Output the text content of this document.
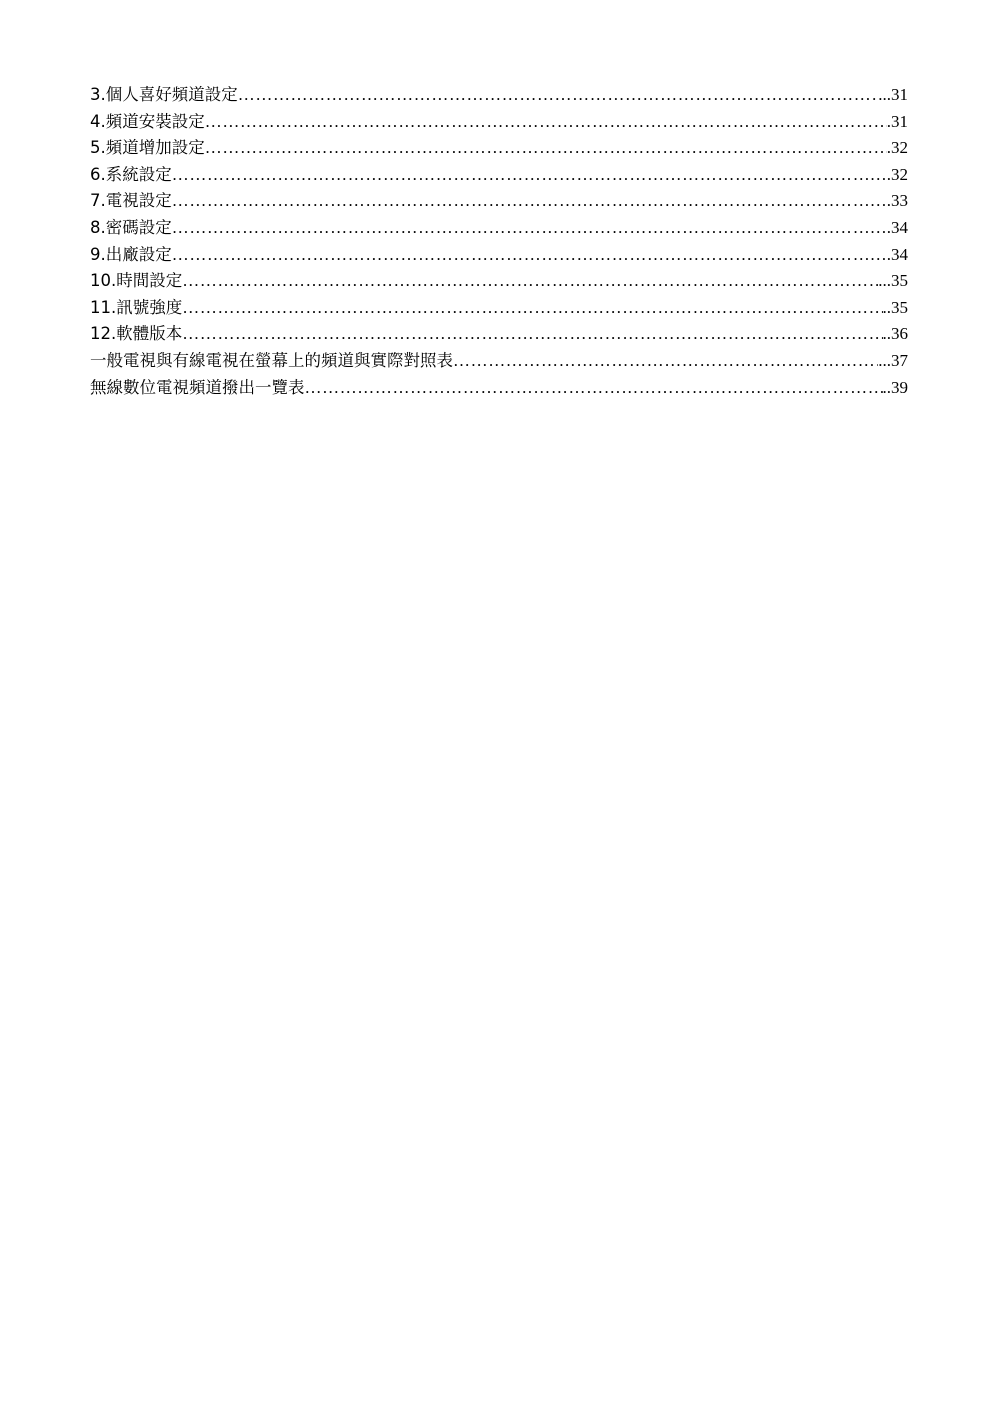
3.個人喜好頻道設定 ……………………………………………………………………………………………………………………………………………………………………………………………………	...31
4.頻道安裝設定 ……………………………………………………………………………………………………………………………………………………………………………………………………	.31
5.頻道增加設定 ……………………………………………………………………………………………………………………………………………………………………………………………………	.32
6.系統設定 ……………………………………………………………………………………………………………………………………………………………………………………………………	…….32
7.電視設定 ……………………………………………………………………………………………………………………………………………………………………………………………………	…….33
8.密碼設定 ……………………………………………………………………………………………………………………………………………………………………………………………………	…….34
9.出廠設定 ……………………………………………………………………………………………………………………………………………………………………………………………………	…….34
10.時間設定 ……………………………………………………………………………………………………………………………………………………………………………………………………	...35
11.訊號強度 ……………………………………………………………………………………………………………………………………………………………………………………………………	..35
12.軟體版本 ……………………………………………………………………………………………………………………………………………………………………………………………………	..36
一般電視與有線電視在螢幕上的頻道與實際對照表 ……………………………………………………………………………………………………………………………………………………………………………………………………	...37
無線數位電視頻道撥出一覽表 ……………………………………………………………………………………………………………………………………………………………………………………………………	..39
